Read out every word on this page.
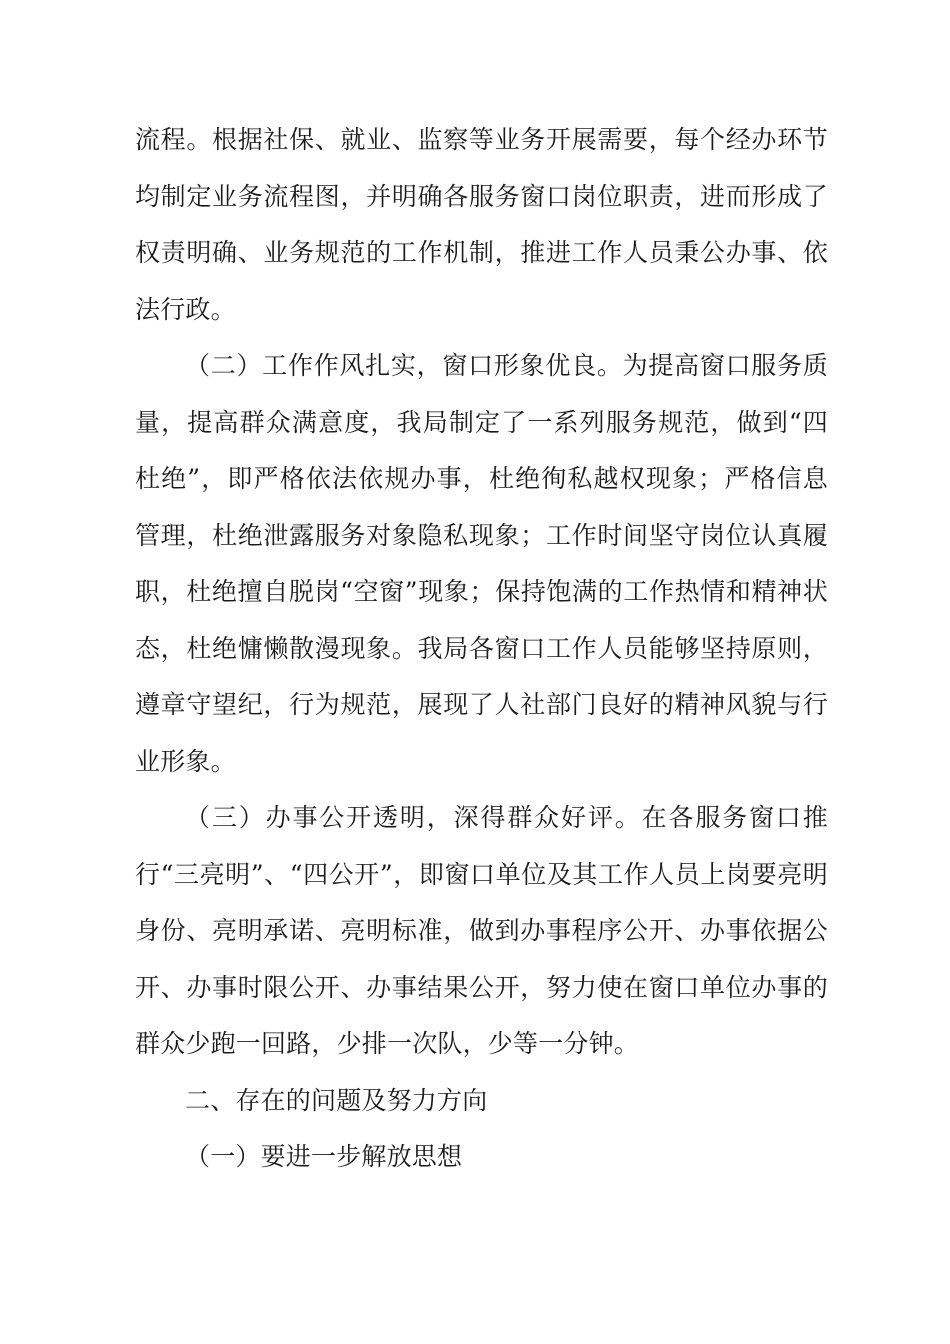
流程。根据社保、就业、监察等业务开展需要，每个经办环节均制定业务流程图，并明确各服务窗口岗位职责，进而形成了权责明确、业务规范的工作机制，推进工作人员秉公办事、依法行政。

（二）工作作风扎实，窗口形象优良。为提高窗口服务质量，提高群众满意度，我局制定了一系列服务规范，做到“四杜绝”，即严格依法依规办事，杜绝徇私越权现象；严格信息管理，杜绝泄露服务对象隐私现象；工作时间坚守岗位认真履职，杜绝擅自脱岗“空窗”现象；保持饱满的工作热情和精神状态，杜绝慵懒散漫现象。我局各窗口工作人员能够坚持原则，遵章守望纪，行为规范，展现了人社部门良好的精神风貌与行业形象。

（三）办事公开透明，深得群众好评。在各服务窗口推行“三亮明”、“四公开”，即窗口单位及其工作人员上岗要亮明身份、亮明承诺、亮明标准，做到办事程序公开、办事依据公开、办事时限公开、办事结果公开，努力使在窗口单位办事的群众少跑一回路，少排一次队，少等一分钟。

二、存在的问题及努力方向

（一）要进一步解放思想
